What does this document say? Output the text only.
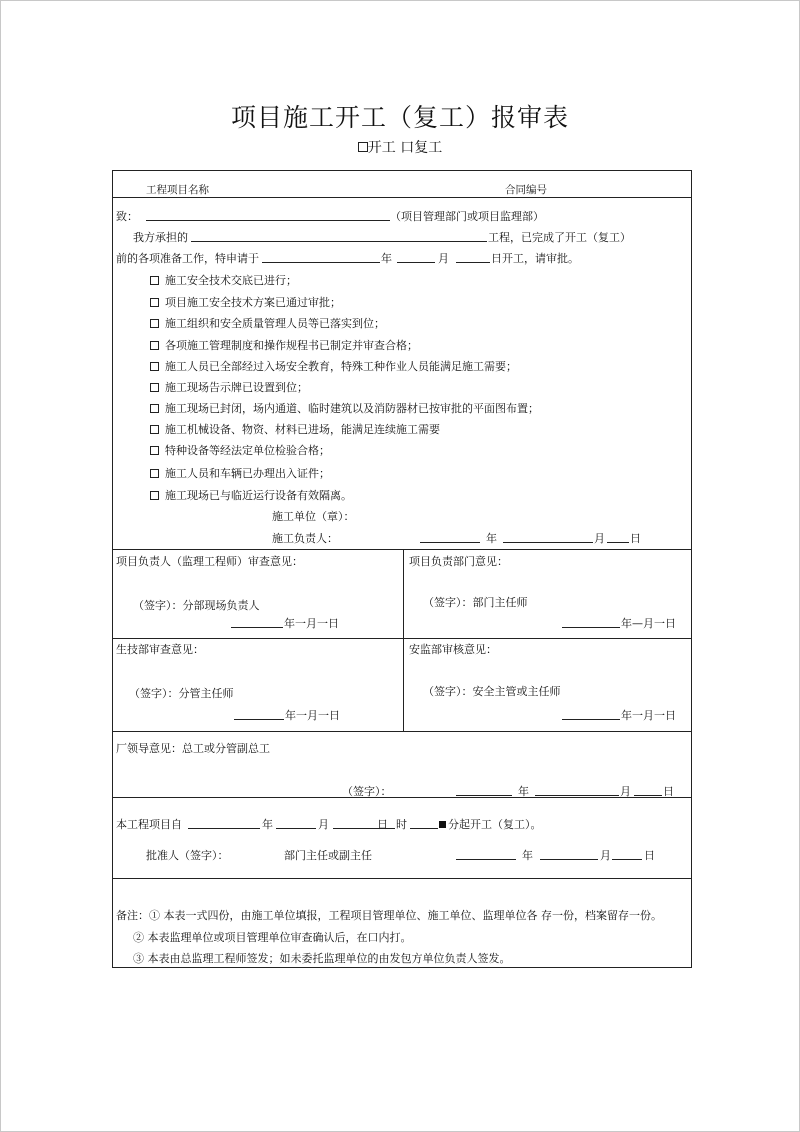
项目施工开工（复工）报审表
开工 口复工
工程项目名称	合同编号
致：	（项目管理部门或项目监理部）
我方承担的	工程，已完成了开工（复工）
前的各项准备工作，特申请于	年	月	日开工，请审批。
施工安全技术交底已进行；
项目施工安全技术方案已通过审批；
施工组织和安全质量管理人员等已落实到位；
各项施工管理制度和操作规程书已制定并审查合格；
施工人员已全部经过入场安全教育，特殊工种作业人员能满足施工需要；
施工现场告示牌已设置到位；
施工现场已封闭，场内通道、临时建筑以及消防器材已按审批的平面图布置；
施工机械设备、物资、材料已进场，能满足连续施工需要
特种设备等经法定单位检验合格；
施工人员和车辆已办理出入证件；
施工现场已与临近运行设备有效隔离。
施工单位（章）：
施工负责人：	年	月 日
项目负责人（监理工程师）审查意见：
（签字）：分部现场负责人
年一月一日
项目负责部门意见：
（签字）：部门主任师
年—月一日
生技部审查意见：
（签字）：分管主任师
年一月一日
安监部审核意见：
（签字）：安全主管或主任师
年一月一日
厂领导意见：总工或分管副总工
（签字）：	年	月	日
本工程项目自	年	月	日 时	分起开工（复工）。
批准人（签字）：	部门主任或副主任	年	月	日
备注：① 本表一式四份，由施工单位填报，工程项目管理单位、施工单位、监理单位各 存一份，档案留存一份。
② 本表监理单位或项目管理单位审查确认后，在口内打。
③ 本表由总监理工程师签发；如未委托监理单位的由发包方单位负责人签发。
